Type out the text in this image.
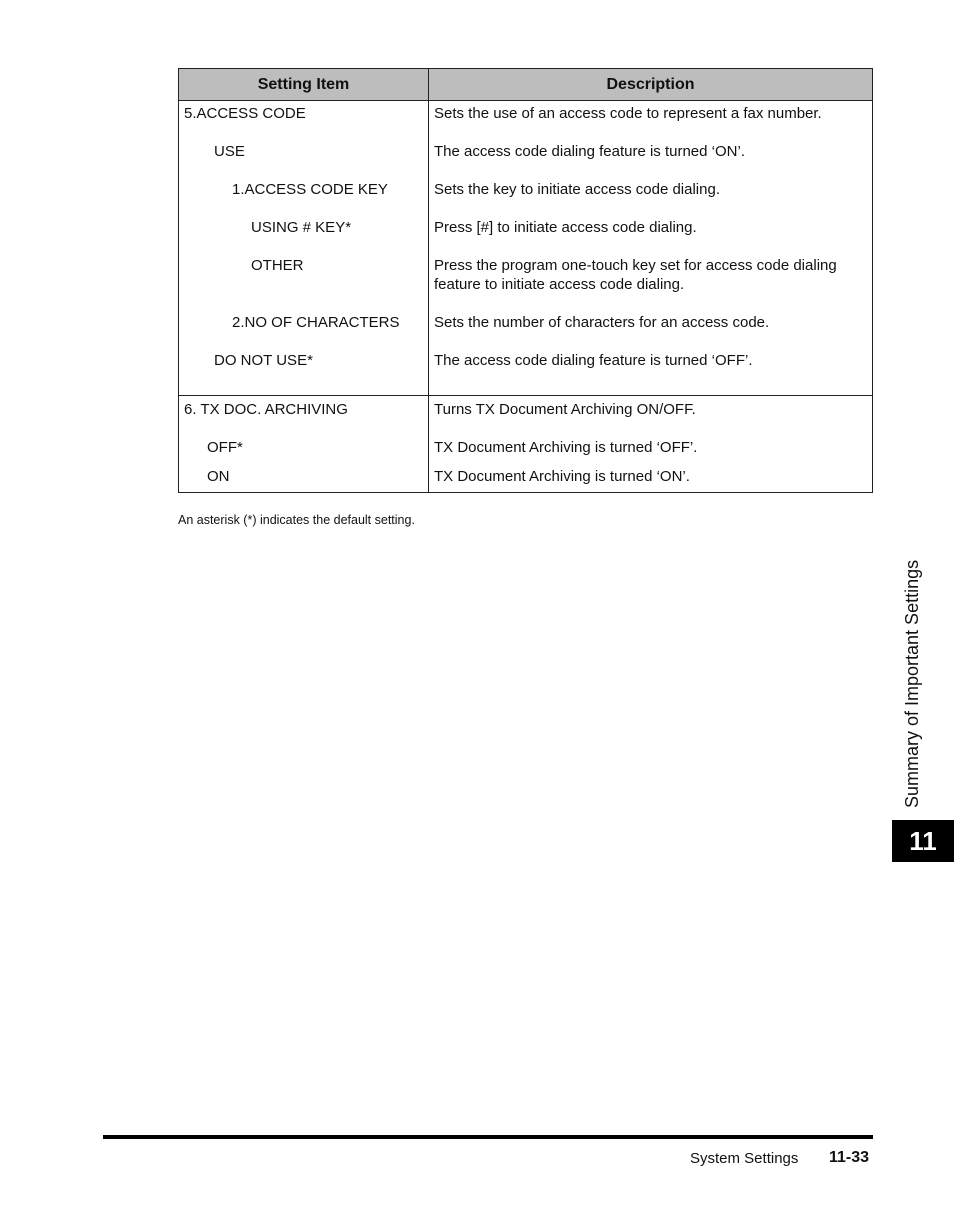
Setting Item	Description
5.ACCESS CODE
USE
1.ACCESS CODE KEY
USING # KEY*
OTHER
2.NO OF CHARACTERS
DO NOT USE*
Sets the use of an access code to represent a fax number.
The access code dialing feature is turned ‘ON’.
Sets the key to initiate access code dialing.
Press [#] to initiate access code dialing.
Press the program one-touch key set for access code dialing feature to initiate access code dialing.
Sets the number of characters for an access code.
The access code dialing feature is turned ‘OFF’.
6. TX DOC. ARCHIVING
OFF*
ON
Turns TX Document Archiving ON/OFF.
TX Document Archiving is turned ‘OFF’.
TX Document Archiving is turned ‘ON’.
An asterisk (*) indicates the default setting.
Summary of Important Settings
11
System Settings 11-33
